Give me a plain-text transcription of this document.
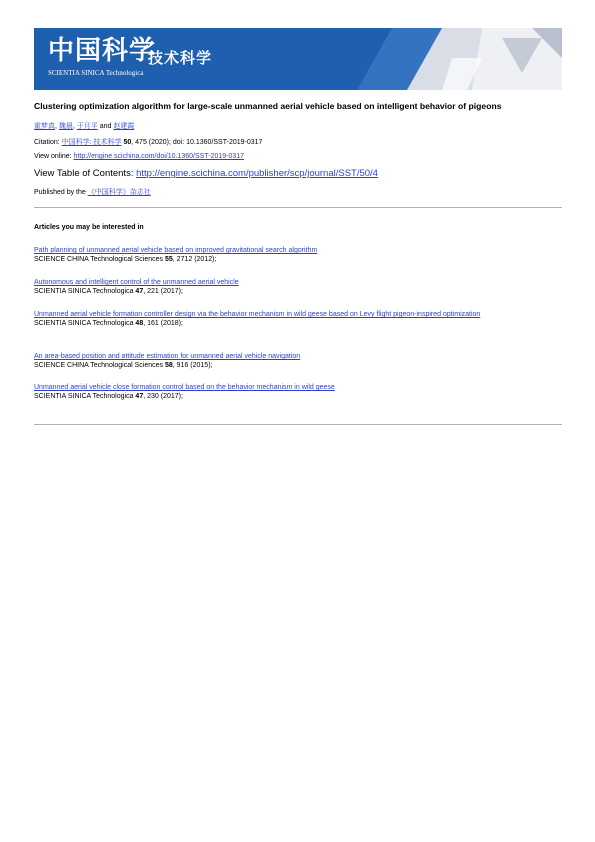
中国科学
技术科学
SCIENTIA SINICA Technologica
Clustering optimization algorithm for large-scale unmanned aerial vehicle based on intelligent behavior of pigeons
霍梦真, 魏晨, 于月平 and 赵建霞
Citation: 中国科学: 技术科学 50, 475 (2020); doi: 10.1360/SST-2019-0317
View online: http://engine.scichina.com/doi/10.1360/SST-2019-0317
View Table of Contents: http://engine.scichina.com/publisher/scp/journal/SST/50/4
Published by the 《中国科学》杂志社
Articles you may be interested in
Path planning of unmanned aerial vehicle based on improved gravitational search algorithm
SCIENCE CHINA Technological Sciences 55, 2712 (2012);
Autonomous and intelligent control of the unmanned aerial vehicle
SCIENTIA SINICA Technologica 47, 221 (2017);
Unmanned aerial vehicle formation controller design via the behavior mechanism in wild geese based on Levy flight pigeon-inspired optimization
SCIENTIA SINICA Technologica 48, 161 (2018);
An area-based position and attitude estimation for unmanned aerial vehicle navigation
SCIENCE CHINA Technological Sciences 58, 916 (2015);
Unmanned aerial vehicle close formation control based on the behavior mechanism in wild geese
SCIENTIA SINICA Technologica 47, 230 (2017);
